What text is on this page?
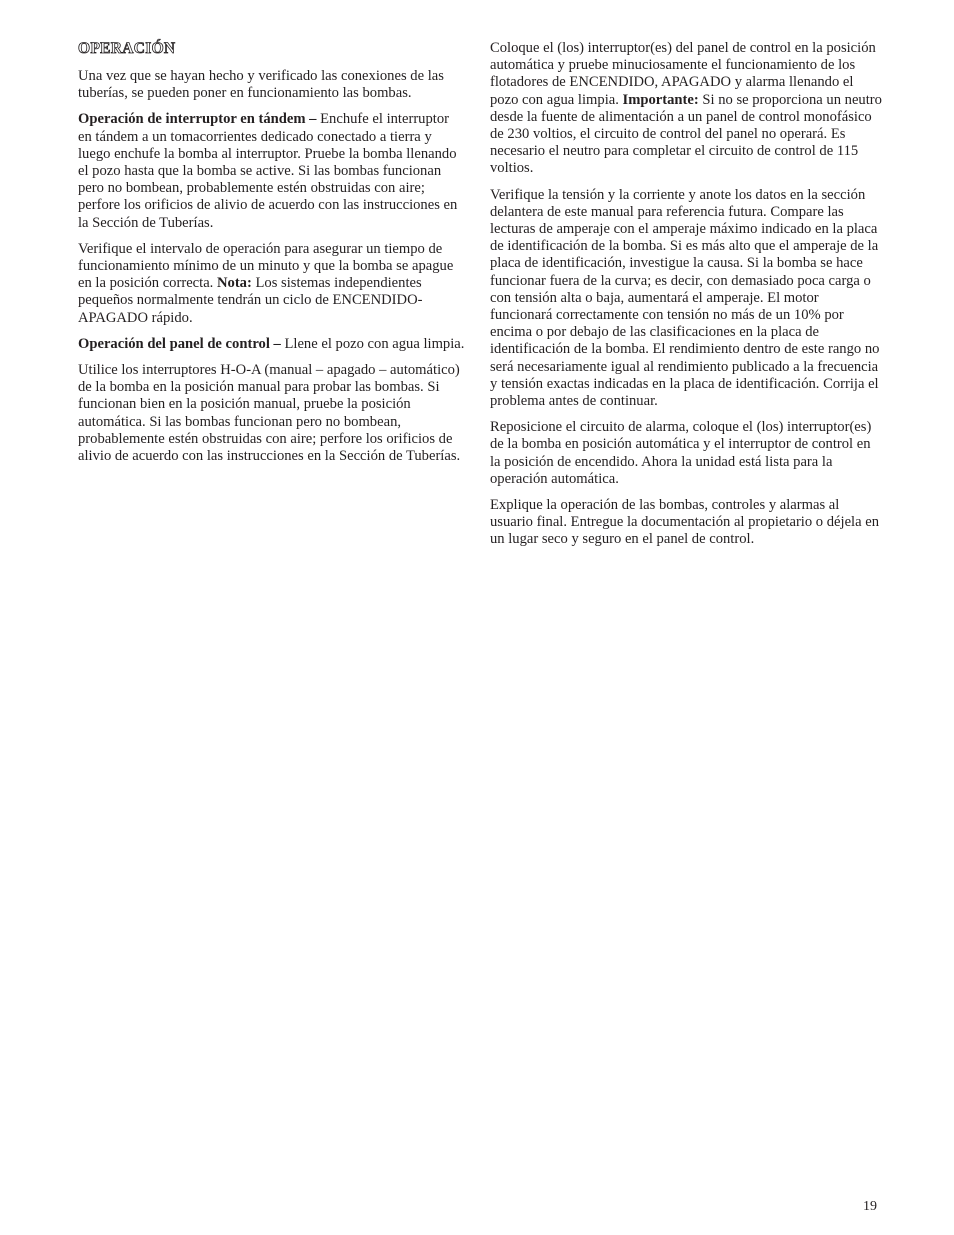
OPERACIÓN

Una vez que se hayan hecho y verificado las conexiones de las tuberías, se pueden poner en funcionamiento las bombas.

Operación de interruptor en tándem – Enchufe el interruptor en tándem a un tomacorrientes dedicado conectado a tierra y luego enchufe la bomba al interruptor. Pruebe la bomba llenando el pozo hasta que la bomba se active. Si las bombas funcionan pero no bombean, probablemente estén obstruidas con aire; perfore los orificios de alivio de acuerdo con las instrucciones en la Sección de Tuberías.

Verifique el intervalo de operación para asegurar un tiempo de funcionamiento mínimo de un minuto y que la bomba se apague en la posición correcta. Nota: Los sistemas independientes pequeños normalmente tendrán un ciclo de ENCENDIDO-APAGADO rápido.

Operación del panel de control – Llene el pozo con agua limpia.

Utilice los interruptores H-O-A (manual – apagado – automático) de la bomba en la posición manual para probar las bombas. Si funcionan bien en la posición manual, pruebe la posición automática. Si las bombas funcionan pero no bombean, probablemente estén obstruidas con aire; perfore los orificios de alivio de acuerdo con las instrucciones en la Sección de Tuberías.

Coloque el (los) interruptor(es) del panel de control en la posición automática y pruebe minuciosamente el funcionamiento de los flotadores de ENCENDIDO, APAGADO y alarma llenando el pozo con agua limpia. Importante: Si no se proporciona un neutro desde la fuente de alimentación a un panel de control monofásico de 230 voltios, el circuito de control del panel no operará. Es necesario el neutro para completar el circuito de control de 115 voltios.

Verifique la tensión y la corriente y anote los datos en la sección delantera de este manual para referencia futura. Compare las lecturas de amperaje con el amperaje máximo indicado en la placa de identificación de la bomba. Si es más alto que el amperaje de la placa de identificación, investigue la causa. Si la bomba se hace funcionar fuera de la curva; es decir, con demasiado poca carga o con tensión alta o baja, aumentará el amperaje. El motor funcionará correctamente con tensión no más de un 10% por encima o por debajo de las clasificaciones en la placa de identificación de la bomba. El rendimiento dentro de este rango no será necesariamente igual al rendimiento publicado a la frecuencia y tensión exactas indicadas en la placa de identificación. Corrija el problema antes de continuar.

Reposicione el circuito de alarma, coloque el (los) interruptor(es) de la bomba en posición automática y el interruptor de control en la posición de encendido. Ahora la unidad está lista para la operación automática.

Explique la operación de las bombas, controles y alarmas al usuario final. Entregue la documentación al propietario o déjela en un lugar seco y seguro en el panel de control.

19
